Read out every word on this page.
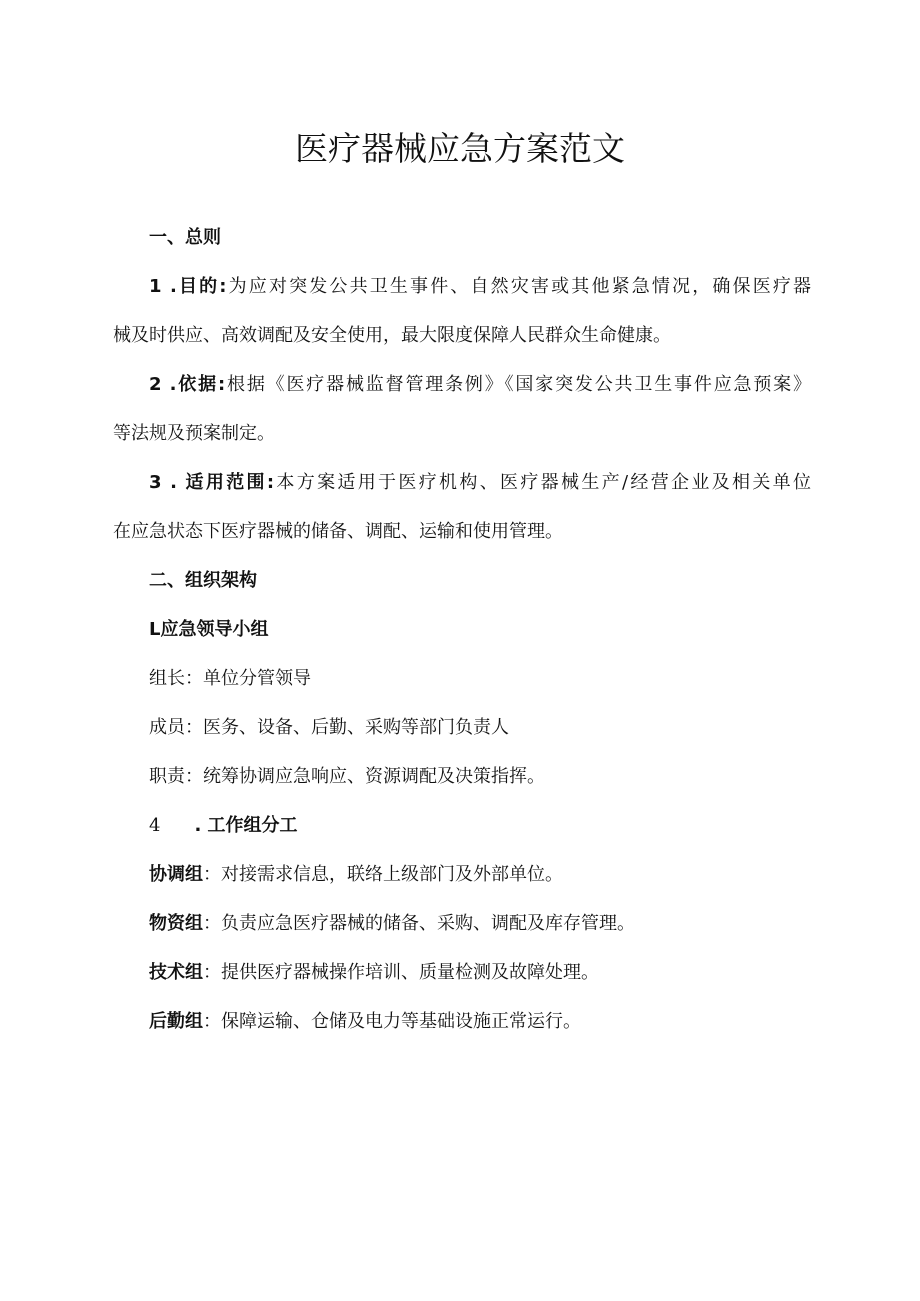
医疗器械应急方案范文
一、总则
1 .目的:为应对突发公共卫生事件、自然灾害或其他紧急情况，确保医疗器
械及时供应、高效调配及安全使用，最大限度保障人民群众生命健康。
2 .依据:根据《医疗器械监督管理条例》《国家突发公共卫生事件应急预案》
等法规及预案制定。
3 . 适用范围:本方案适用于医疗机构、医疗器械生产/经营企业及相关单位
在应急状态下医疗器械的储备、调配、运输和使用管理。
二、组织架构
L应急领导小组
组长：单位分管领导
成员：医务、设备、后勤、采购等部门负责人
职责：统筹协调应急响应、资源调配及决策指挥。
4 . 工作组分工
协调组：对接需求信息，联络上级部门及外部单位。
物资组：负责应急医疗器械的储备、采购、调配及库存管理。
技术组：提供医疗器械操作培训、质量检测及故障处理。
后勤组：保障运输、仓储及电力等基础设施正常运行。
